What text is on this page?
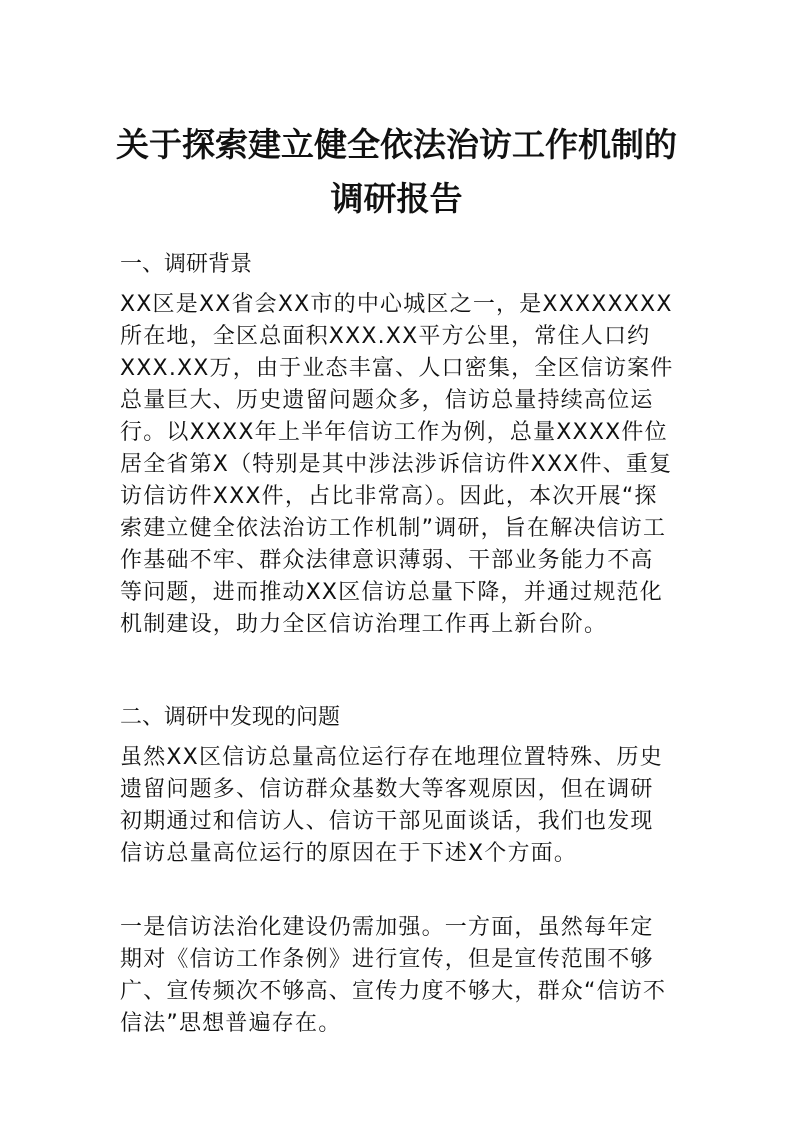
关于探索建立健全依法治访工作机制的调研报告
一、调研背景

XX区是XX省会XX市的中心城区之一，是XXXXXXXX所在地，全区总面积XXX.XX平方公里，常住人口约XXX.XX万，由于业态丰富、人口密集，全区信访案件总量巨大、历史遗留问题众多，信访总量持续高位运行。以XXXX年上半年信访工作为例，总量XXXX件位居全省第X（特别是其中涉法涉诉信访件XXX件、重复访信访件XXX件，占比非常高）。因此，本次开展“探索建立健全依法治访工作机制”调研，旨在解决信访工作基础不牢、群众法律意识薄弱、干部业务能力不高等问题，进而推动XX区信访总量下降，并通过规范化机制建设，助力全区信访治理工作再上新台阶。

二、调研中发现的问题

虽然XX区信访总量高位运行存在地理位置特殊、历史遗留问题多、信访群众基数大等客观原因，但在调研初期通过和信访人、信访干部见面谈话，我们也发现信访总量高位运行的原因在于下述X个方面。

一是信访法治化建设仍需加强。一方面，虽然每年定期对《信访工作条例》进行宣传，但是宣传范围不够广、宣传频次不够高、宣传力度不够大，群众“信访不信法”思想普遍存在。
